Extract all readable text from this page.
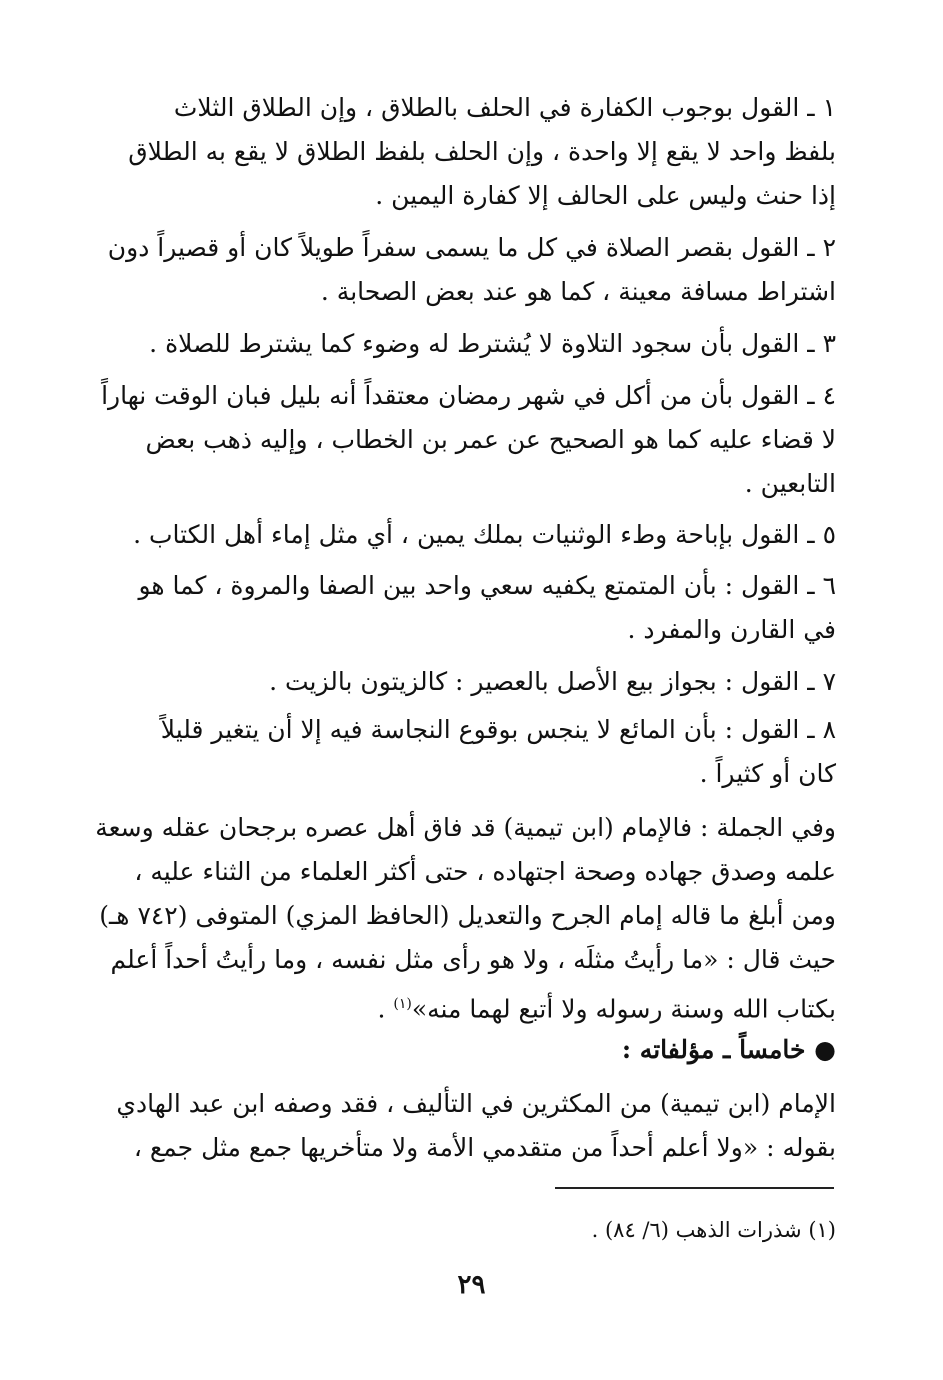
١ ـ القول بوجوب الكفارة في الحلف بالطلاق ، وإن الطلاق الثلاث
بلفظ واحد لا يقع إلا واحدة ، وإن الحلف بلفظ الطلاق لا يقع به الطلاق
إذا حنث وليس على الحالف إلا كفارة اليمين .
٢ ـ القول بقصر الصلاة في كل ما يسمى سفراً طويلاً كان أو قصيراً دون
اشتراط مسافة معينة ، كما هو عند بعض الصحابة .
٣ ـ القول بأن سجود التلاوة لا يُشترط له وضوء كما يشترط للصلاة .
٤ ـ القول بأن من أكل في شهر رمضان معتقداً أنه بليل فبان الوقت نهاراً
لا قضاء عليه كما هو الصحيح عن عمر بن الخطاب ، وإليه ذهب بعض
التابعين .
٥ ـ القول بإباحة وطء الوثنيات بملك يمين ، أي مثل إماء أهل الكتاب .
٦ ـ القول : بأن المتمتع يكفيه سعي واحد بين الصفا والمروة ، كما هو
في القارن والمفرد .
٧ ـ القول : بجواز بيع الأصل بالعصير : كالزيتون بالزيت .
٨ ـ القول : بأن المائع لا ينجس بوقوع النجاسة فيه إلا أن يتغير قليلاً
كان أو كثيراً .
وفي الجملة : فالإمام (ابن تيمية) قد فاق أهل عصره برجحان عقله وسعة
علمه وصدق جهاده وصحة اجتهاده ، حتى أكثر العلماء من الثناء عليه ،
ومن أبلغ ما قاله إمام الجرح والتعديل (الحافظ المزي) المتوفى (٧٤٢ هـ)
حيث قال : «ما رأيتُ مثلَه ، ولا هو رأى مثل نفسه ، وما رأيتُ أحداً أعلم
بكتاب الله وسنة رسوله ولا أتبع لهما منه»$^{(١)}$ .
● خامساً ـ مؤلفاته :
الإمام (ابن تيمية) من المكثرين في التأليف ، فقد وصفه ابن عبد الهادي
بقوله : «ولا أعلم أحداً من متقدمي الأمة ولا متأخريها جمع مثل جمع ،
(١) شذرات الذهب (٦/ ٨٤) .
٢٩
